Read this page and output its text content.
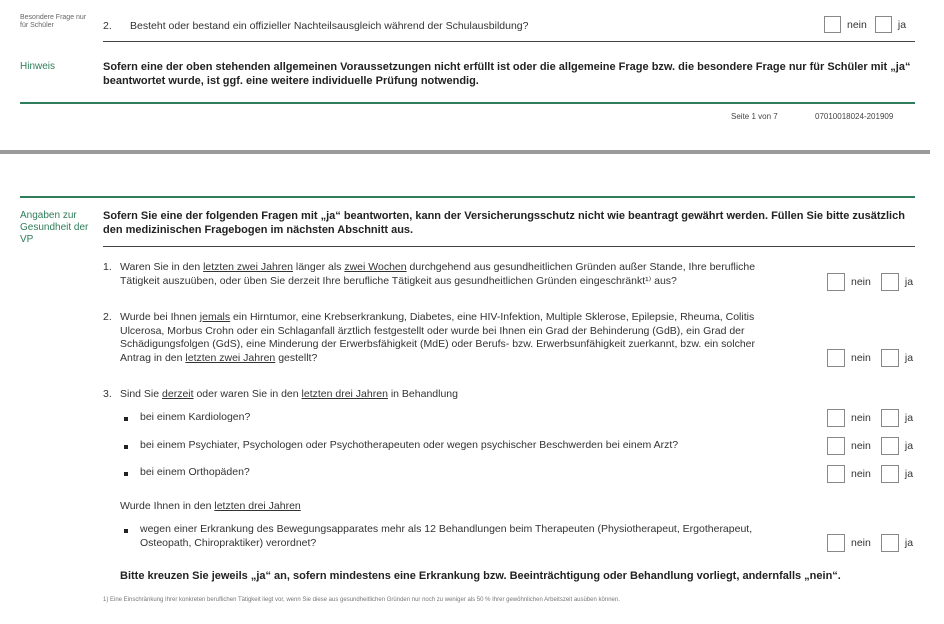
Besondere Frage nur für Schüler	2. Besteht oder bestand ein offizieller Nachteilsausgleich während der Schulausbildung?	nein	ja
Hinweis	Sofern eine der oben stehenden allgemeinen Voraussetzungen nicht erfüllt ist oder die allgemeine Frage bzw. die besondere Frage nur für Schüler mit „ja“ beantwortet wurde, ist ggf. eine weitere individuelle Prüfung notwendig.
Seite 1 von 7	07010018024-201909
Angaben zur Gesundheit der VP
Sofern Sie eine der folgenden Fragen mit „ja“ beantworten, kann der Versicherungsschutz nicht wie beantragt gewährt werden. Füllen Sie bitte zusätzlich den medizinischen Fragebogen im nächsten Abschnitt aus.
1. Waren Sie in den letzten zwei Jahren länger als zwei Wochen durchgehend aus gesundheitlichen Gründen außer Stande, Ihre berufliche Tätigkeit auszuüben, oder üben Sie derzeit Ihre berufliche Tätigkeit aus gesundheitlichen Gründen eingeschränkt¹⁾ aus?	nein	ja
2. Wurde bei Ihnen jemals ein Hirntumor, eine Krebserkrankung, Diabetes, eine HIV-Infektion, Multiple Sklerose, Epilepsie, Rheuma, Colitis Ulcerosa, Morbus Crohn oder ein Schlaganfall ärztlich festgestellt oder wurde bei Ihnen ein Grad der Behinderung (GdB), ein Grad der Schädigungsfolgen (GdS), eine Minderung der Erwerbsfähigkeit (MdE) oder Berufs- bzw. Erwerbsunfähigkeit zuerkannt, bzw. ein solcher Antrag in den letzten zwei Jahren gestellt?	nein	ja
3. Sind Sie derzeit oder waren Sie in den letzten drei Jahren in Behandlung
bei einem Kardiologen?	nein	ja
bei einem Psychiater, Psychologen oder Psychotherapeuten oder wegen psychischer Beschwerden bei einem Arzt?	nein	ja
bei einem Orthopäden?	nein	ja
Wurde Ihnen in den letzten drei Jahren
wegen einer Erkrankung des Bewegungsapparates mehr als 12 Behandlungen beim Therapeuten (Physiotherapeut, Ergotherapeut, Osteopath, Chiropraktiker) verordnet?	nein	ja
Bitte kreuzen Sie jeweils „ja“ an, sofern mindestens eine Erkrankung bzw. Beeinträchtigung oder Behandlung vorliegt, andernfalls „nein“.
1) Eine Einschränkung Ihrer konkreten beruflichen Tätigkeit liegt vor, wenn Sie diese aus gesundheitlichen Gründen nur noch zu weniger als 50 % Ihrer gewöhnlichen Arbeitszeit ausüben können.
